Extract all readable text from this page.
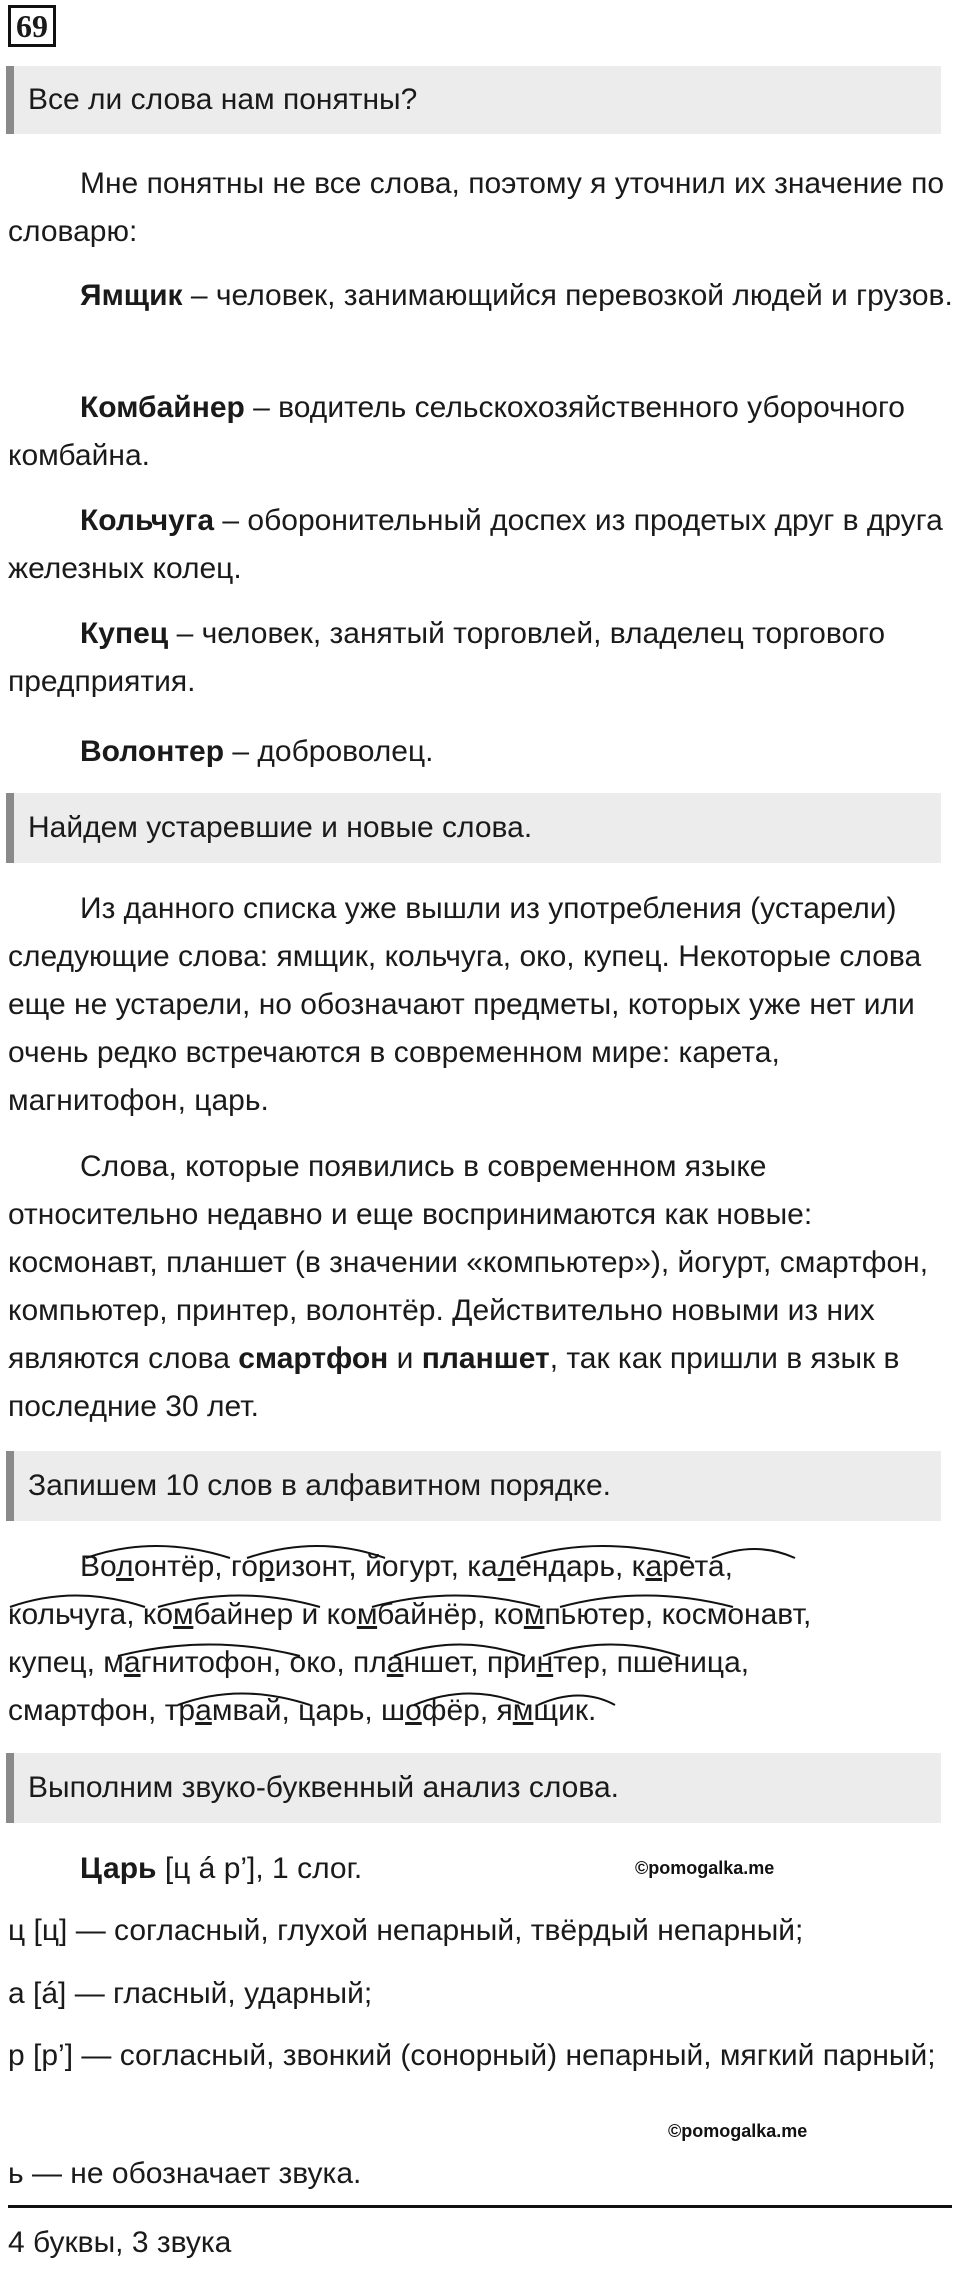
69
Все ли слова нам понятны?

Мне понятны не все слова, поэтому я уточнил их значение по словарю:

Ямщик – человек, занимающийся перевозкой людей и грузов.

Комбайнер – водитель сельскохозяйственного уборочного комбайна.

Кольчуга – оборонительный доспех из продетых друг в друга железных колец.

Купец – человек, занятый торговлей, владелец торгового предприятия.

Волонтер – доброволец.

Найдем устаревшие и новые слова.

Из данного списка уже вышли из употребления (устарели) следующие слова: ямщик, кольчуга, око, купец. Некоторые слова еще не устарели, но обозначают предметы, которых уже нет или очень редко встречаются в современном мире: карета, магнитофон, царь.

Слова, которые появились в современном языке относительно недавно и еще воспринимаются как новые: космонавт, планшет (в значении «компьютер»), йогурт, смартфон, компьютер, принтер, волонтёр. Действительно новыми из них являются слова смартфон и планшет, так как пришли в язык в последние 30 лет.

Запишем 10 слов в алфавитном порядке.
Волонтёр, горизонт, йогурт, календарь, карета,
кольчуга, комбайнер и комбайнёр, компьютер, космонавт,
купец, магнитофон, око, планшет, принтер, пшеница,
смартфон, трамвай, царь, шофёр, ямщик.
Выполним звуко-буквенный анализ слова.

Царь [ц á р’], 1 слог.	©pomogalka.me

ц [ц] — согласный, глухой непарный, твёрдый непарный;

а [á] — гласный, ударный;

р [р’] — согласный, звонкий (сонорный) непарный, мягкий парный;

©pomogalka.me

ь — не обозначает звука.

4 буквы, 3 звука
